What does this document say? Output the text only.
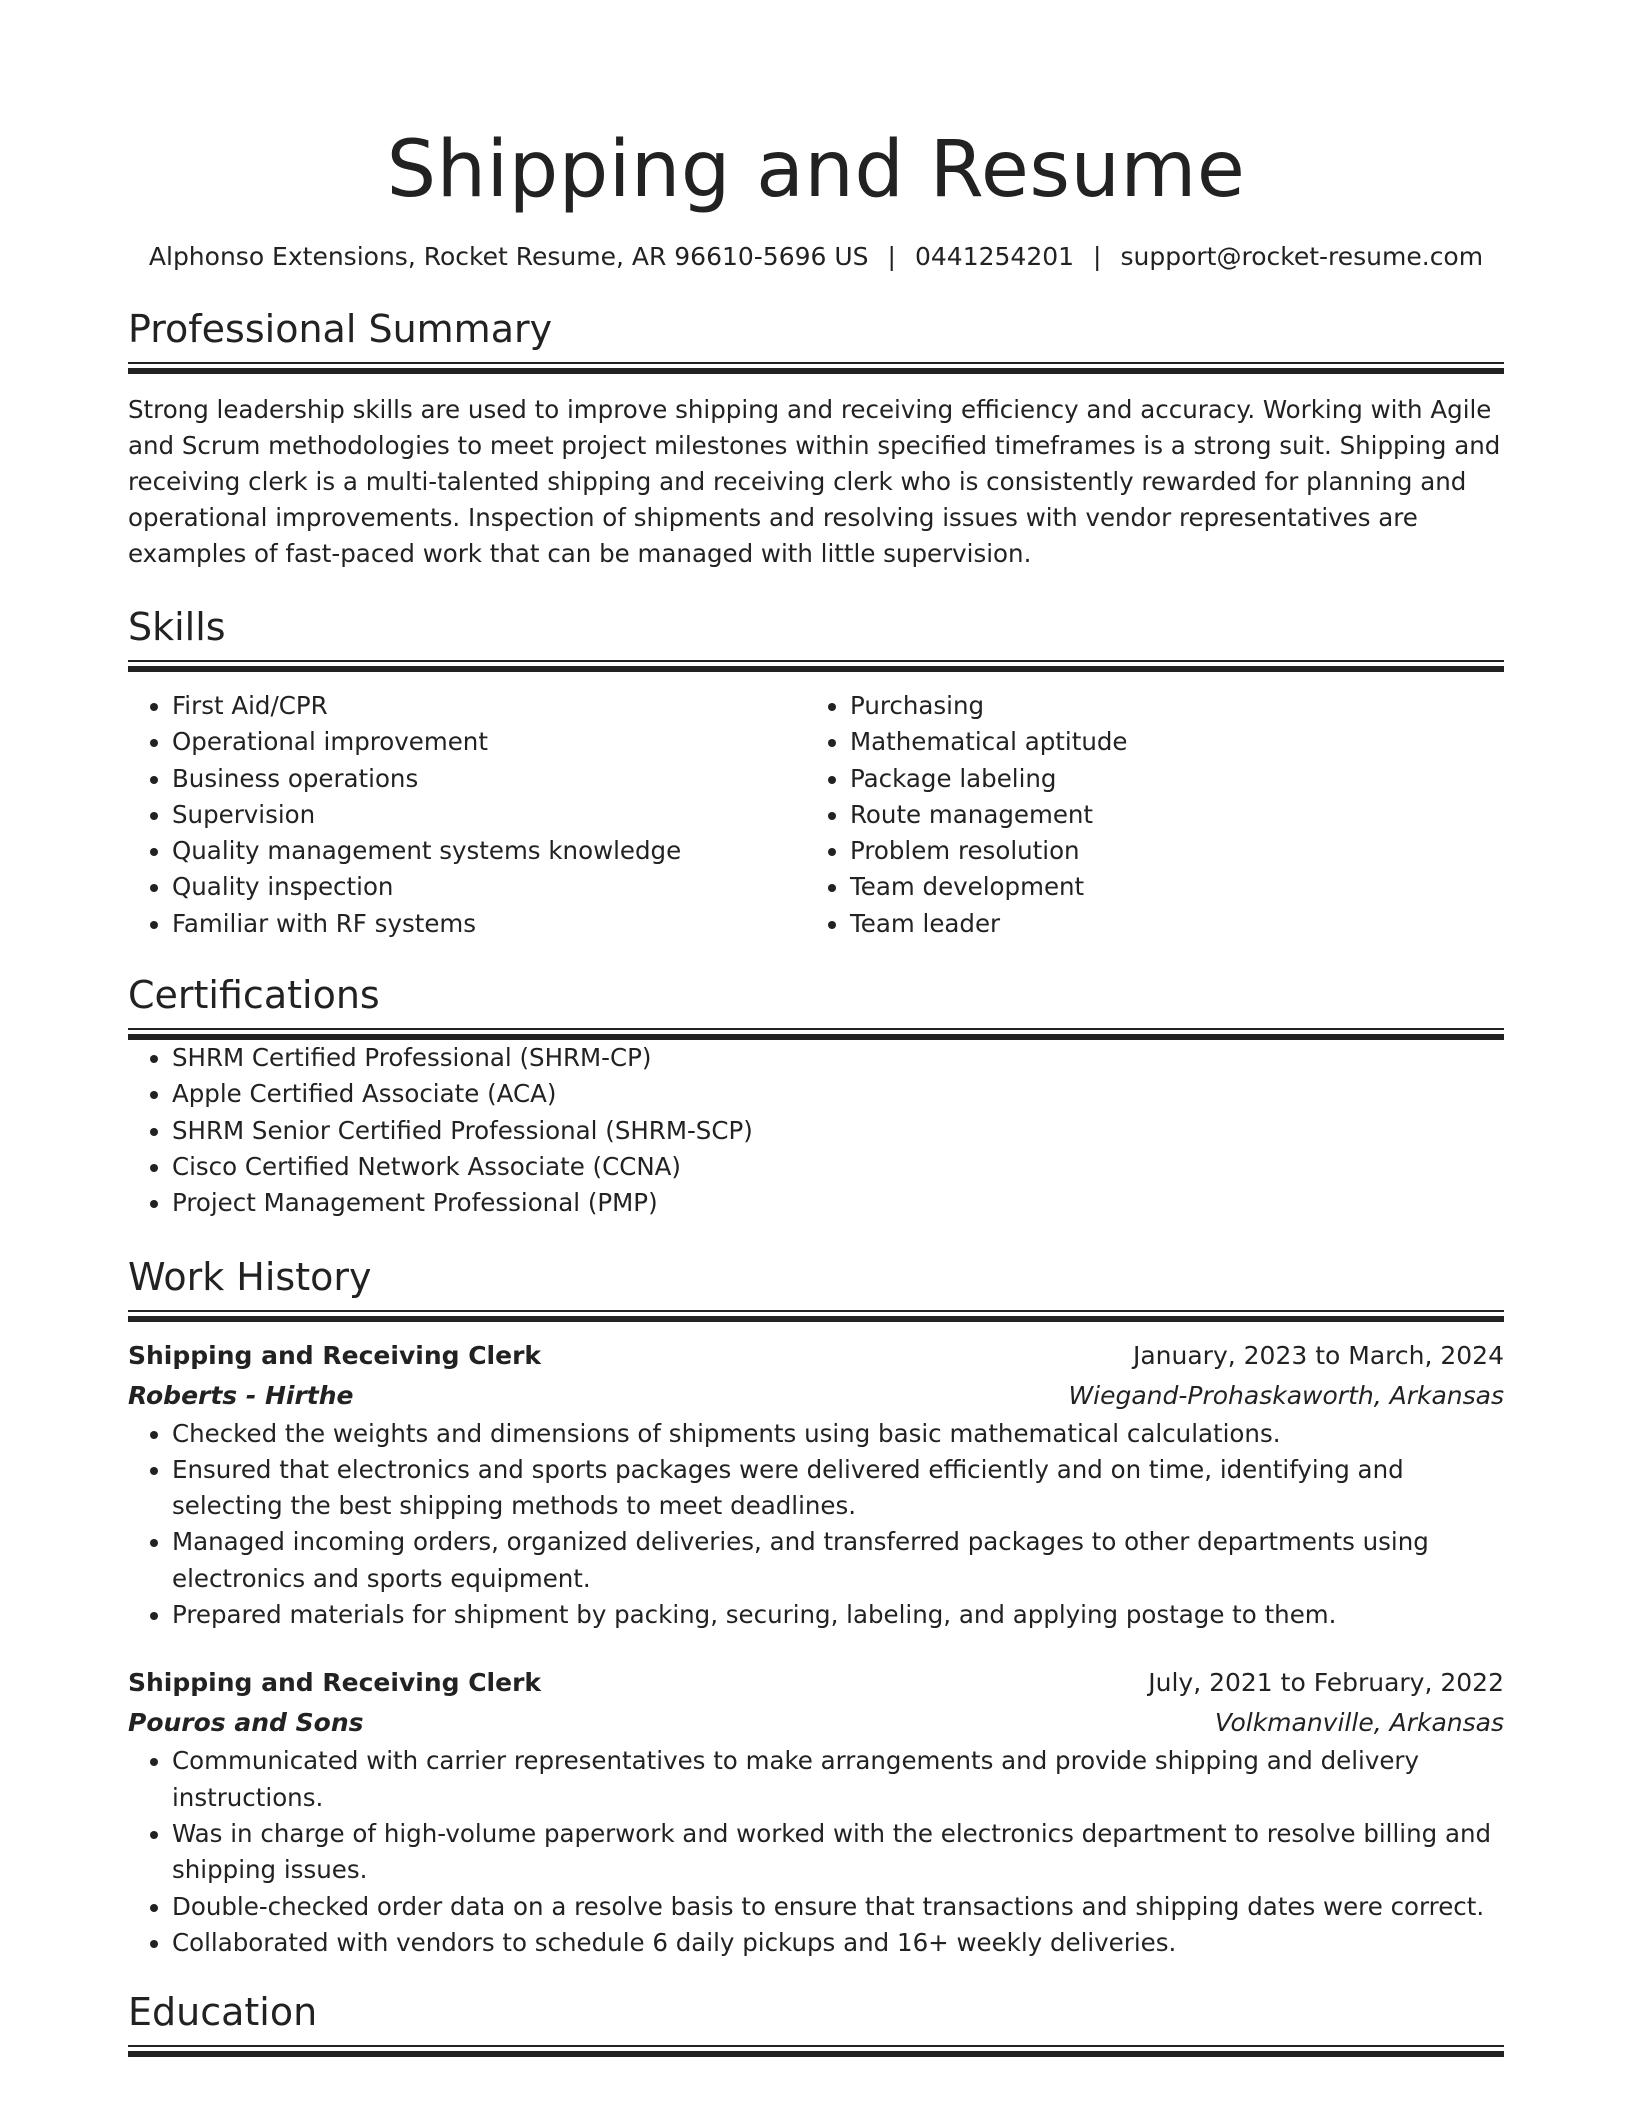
Shipping and Resume
Alphonso Extensions, Rocket Resume, AR 96610-5696 US | 0441254201 | support@rocket-resume.com
Professional Summary

Strong leadership skills are used to improve shipping and receiving efficiency and accuracy. Working with Agile and Scrum methodologies to meet project milestones within specified timeframes is a strong suit. Shipping and receiving clerk is a multi-talented shipping and receiving clerk who is consistently rewarded for planning and operational improvements. Inspection of shipments and resolving issues with vendor representatives are examples of fast-paced work that can be managed with little supervision.

Skills
• First Aid/CPR
• Operational improvement
• Business operations
• Supervision
• Quality management systems knowledge
• Quality inspection
• Familiar with RF systems
• Purchasing
• Mathematical aptitude
• Package labeling
• Route management
• Problem resolution
• Team development
• Team leader
Certifications
• SHRM Certified Professional (SHRM-CP)
• Apple Certified Associate (ACA)
• SHRM Senior Certified Professional (SHRM-SCP)
• Cisco Certified Network Associate (CCNA)
• Project Management Professional (PMP)
Work History
Shipping and Receiving Clerk	January, 2023 to March, 2024
Roberts - Hirthe	Wiegand-Prohaskaworth, Arkansas
• Checked the weights and dimensions of shipments using basic mathematical calculations.
• Ensured that electronics and sports packages were delivered efficiently and on time, identifying and selecting the best shipping methods to meet deadlines.
• Managed incoming orders, organized deliveries, and transferred packages to other departments using electronics and sports equipment.
• Prepared materials for shipment by packing, securing, labeling, and applying postage to them.
Shipping and Receiving Clerk	July, 2021 to February, 2022
Pouros and Sons	Volkmanville, Arkansas
• Communicated with carrier representatives to make arrangements and provide shipping and delivery instructions.
• Was in charge of high-volume paperwork and worked with the electronics department to resolve billing and shipping issues.
• Double-checked order data on a resolve basis to ensure that transactions and shipping dates were correct.
• Collaborated with vendors to schedule 6 daily pickups and 16+ weekly deliveries.
Education
